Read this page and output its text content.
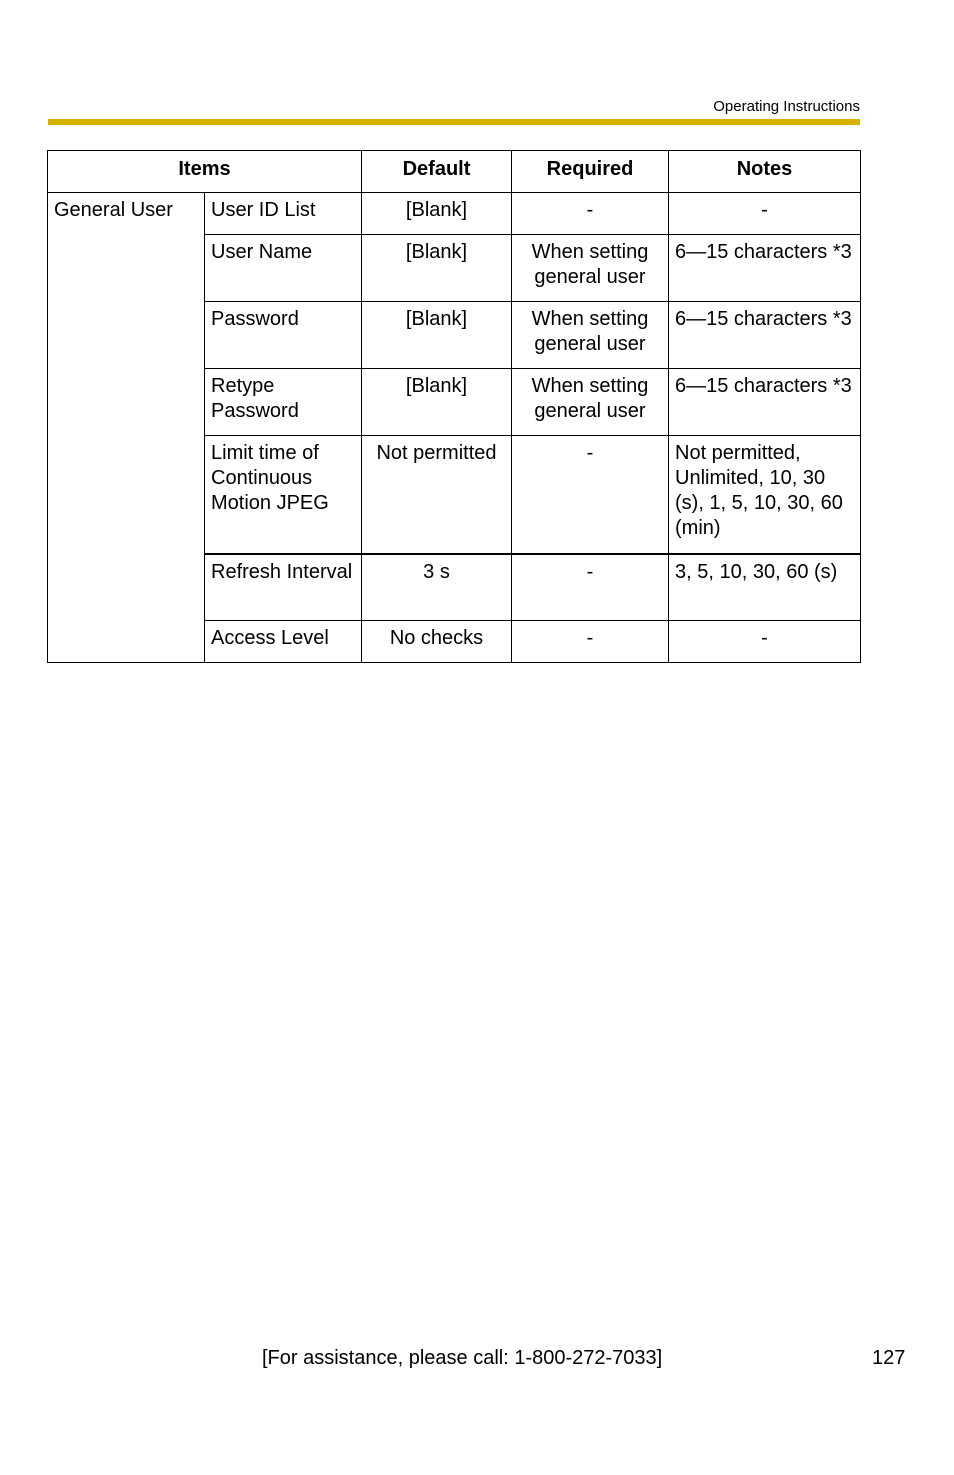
Operating Instructions
Items		Default	Required	Notes
General User	User ID List	[Blank]	-	-
	User Name	[Blank]	When setting general user	6—15 characters *3
	Password	[Blank]	When setting general user	6—15 characters *3
	Retype Password	[Blank]	When setting general user	6—15 characters *3
	Limit time of Continuous Motion JPEG	Not permitted	-	Not permitted, Unlimited, 10, 30 (s), 1, 5, 10, 30, 60 (min)
	Refresh Interval	3 s	-	3, 5, 10, 30, 60 (s)
	Access Level	No checks	-	-
[For assistance, please call: 1-800-272-7033]	127
